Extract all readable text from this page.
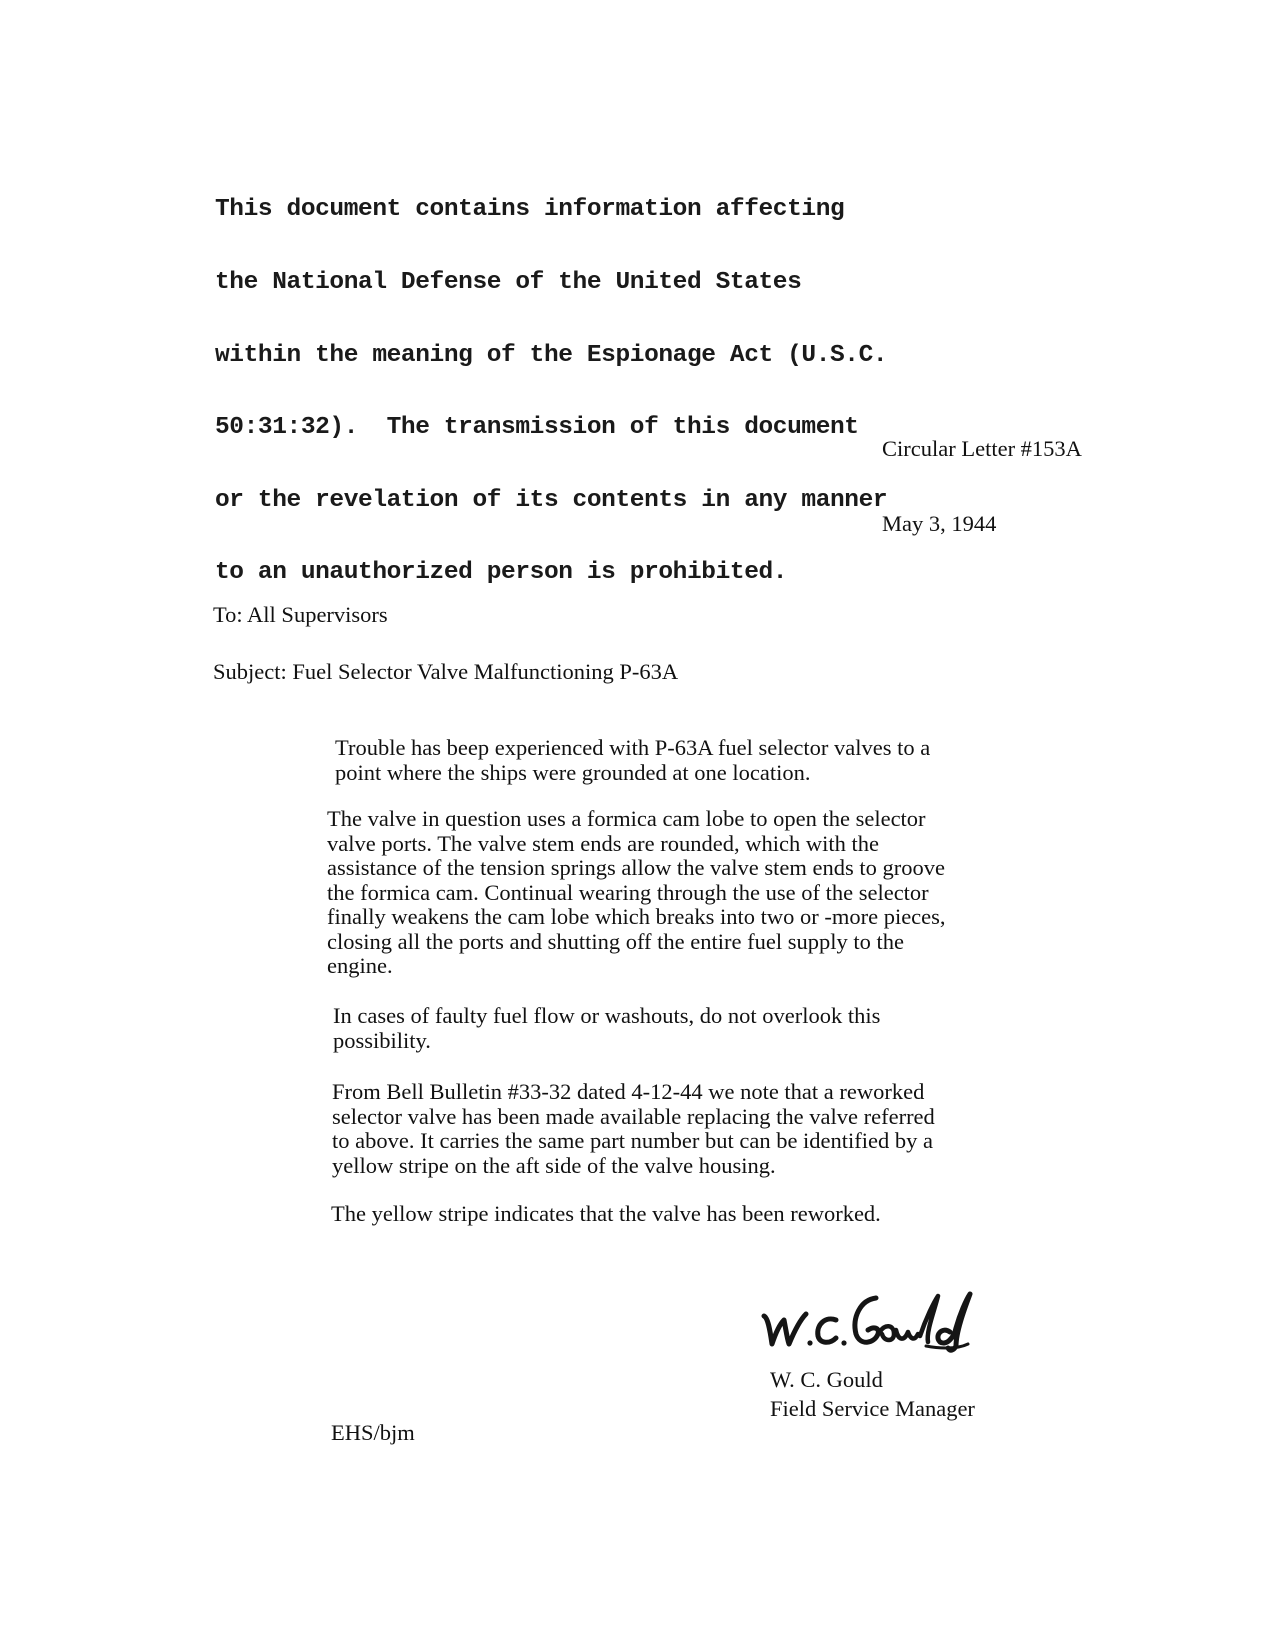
This document contains information affecting

the National Defense of the United States

within the meaning of the Espionage Act (U.S.C.

50:31:32).  The transmission of this document

or the revelation of its contents in any manner

to an unauthorized person is prohibited.

Circular Letter #153A
May 3, 1944
To: All Supervisors
Subject: Fuel Selector Valve Malfunctioning P-63A
Trouble has beep experienced with P-63A fuel selector valves to a
point where the ships were grounded at one location.
The valve in question uses a formica cam lobe to open the selector
valve ports. The valve stem ends are rounded, which with the
assistance of the tension springs allow the valve stem ends to groove
the formica cam. Continual wearing through the use of the selector
finally weakens the cam lobe which breaks into two or -more pieces,
closing all the ports and shutting off the entire fuel supply to the
engine.
In cases of faulty fuel flow or washouts, do not overlook this
possibility.
From Bell Bulletin #33-32 dated 4-12-44 we note that a reworked
selector valve has been made available replacing the valve referred
to above. It carries the same part number but can be identified by a
yellow stripe on the aft side of the valve housing.
The yellow stripe indicates that the valve has been reworked.
W. C. Gould
Field Service Manager
EHS/bjm
